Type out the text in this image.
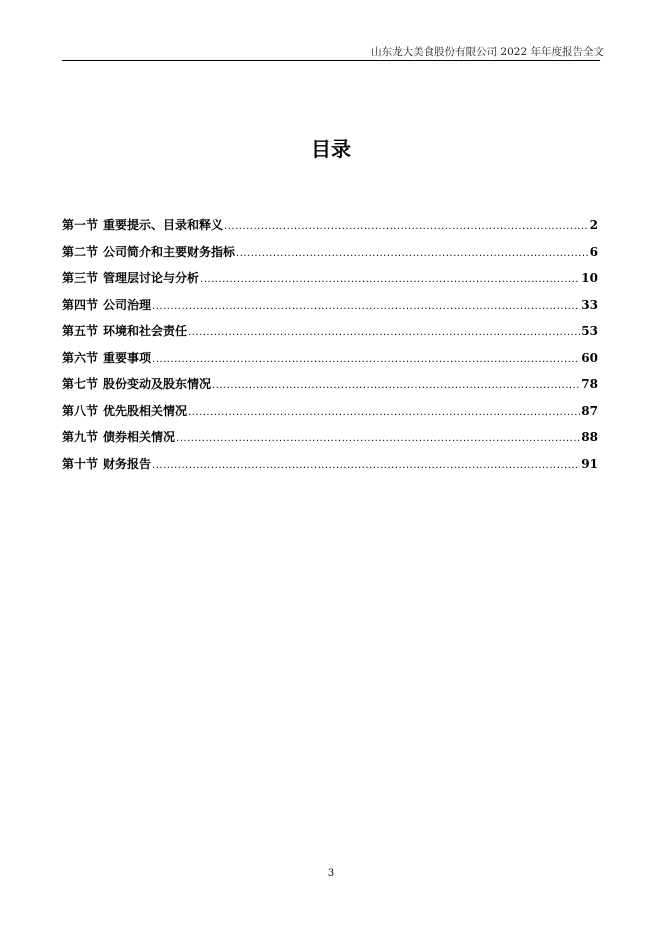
山东龙大美食股份有限公司 2022 年年度报告全文
目录
第一节 重要提示、目录和释义 .....	2
第二节 公司简介和主要财务指标 .....	6
第三节 管理层讨论与分析 .....	10
第四节 公司治理 .....	33
第五节 环境和社会责任 .....	53
第六节 重要事项 .....	60
第七节 股份变动及股东情况 .....	78
第八节 优先股相关情况 .....	87
第九节 债券相关情况 .....	88
第十节 财务报告 .....	91
3
